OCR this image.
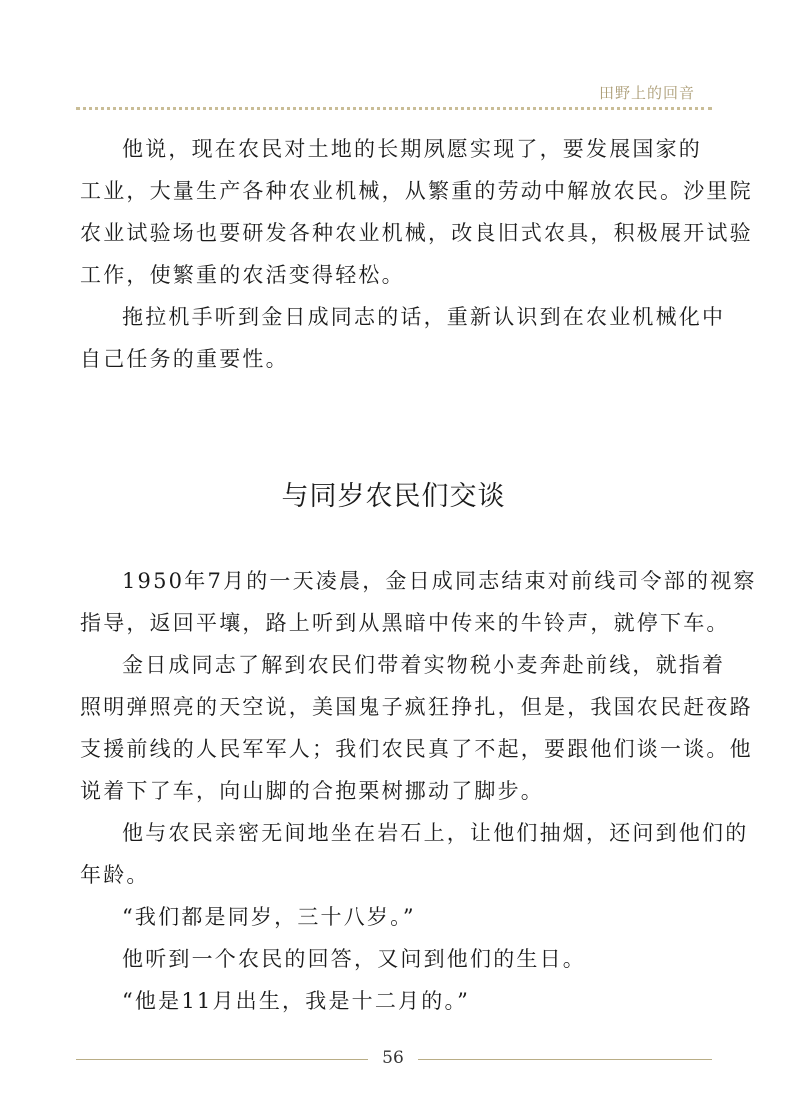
田野上的回音

他说，现在农民对土地的长期夙愿实现了，要发展国家的
工业，大量生产各种农业机械，从繁重的劳动中解放农民。沙里院
农业试验场也要研发各种农业机械，改良旧式农具，积极展开试验
工作，使繁重的农活变得轻松。

拖拉机手听到金日成同志的话，重新认识到在农业机械化中
自己任务的重要性。

与同岁农民们交谈

1950年7月的一天凌晨，金日成同志结束对前线司令部的视察
指导，返回平壤，路上听到从黑暗中传来的牛铃声，就停下车。

金日成同志了解到农民们带着实物税小麦奔赴前线，就指着
照明弹照亮的天空说，美国鬼子疯狂挣扎，但是，我国农民赶夜路
支援前线的人民军军人；我们农民真了不起，要跟他们谈一谈。他
说着下了车，向山脚的合抱栗树挪动了脚步。

他与农民亲密无间地坐在岩石上，让他们抽烟，还问到他们的
年龄。

“我们都是同岁，三十八岁。”

他听到一个农民的回答，又问到他们的生日。

“他是11月出生，我是十二月的。”

56
